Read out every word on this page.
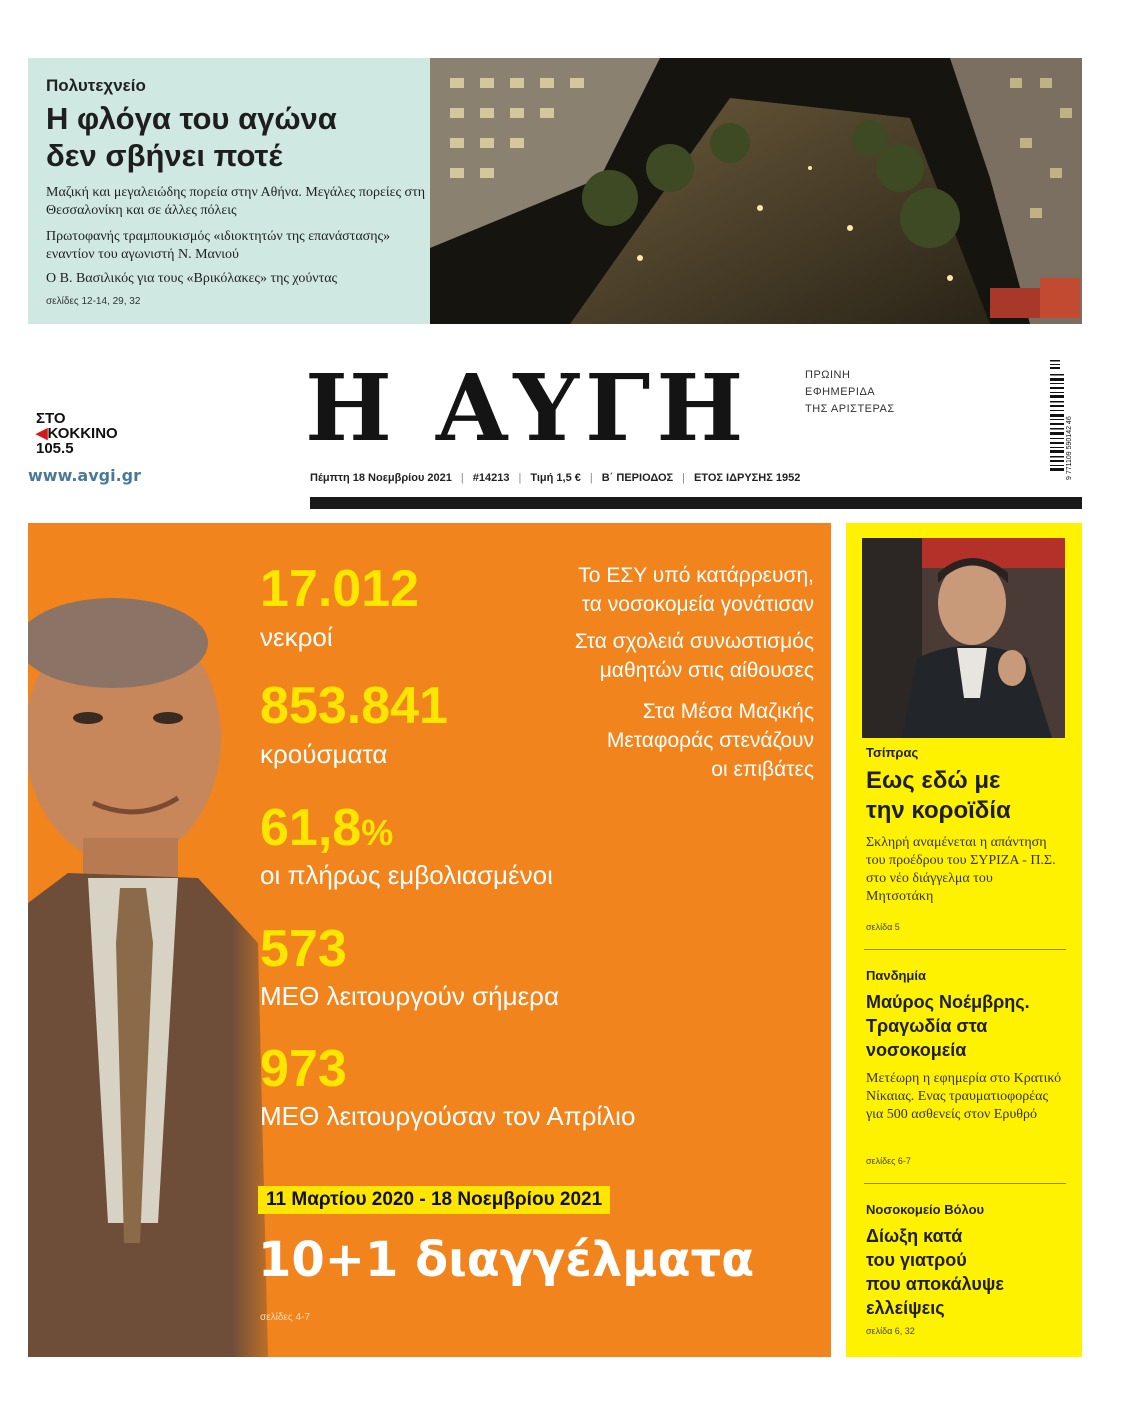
Πολυτεχνείο
Η φλόγα του αγώνα
δεν σβήνει ποτέ
Μαζική και μεγαλειώδης πορεία στην Αθήνα. Μεγάλες πορείες στη Θεσσαλονίκη και σε άλλες πόλεις
Πρωτοφανής τραμπουκισμός «ιδιοκτητών της επανάστασης» εναντίον του αγωνιστή Ν. Μανιού
Ο Β. Βασιλικός για τους «Βρικόλακες» της χούντας
σελίδες 12-14, 29, 32
Η ΑΥΓΗ	ΠΡΩΙΝΗ
ΕΦΗΜΕΡΙΔΑ
ΤΗΣ ΑΡΙΣΤΕΡΑΣ
ΣΤΟ
◀ΚΟΚΚΙΝΟ
105.5
www.avgi.gr	Πέμπτη 18 Νοεμβρίου 2021 | #14213 | Τιμή 1,5 € | Β΄ ΠΕΡΙΟΔΟΣ | ΕΤΟΣ ΙΔΡΥΣΗΣ 1952	9 771109 590142 46
17.012
νεκροί
853.841
κρούσματα
61,8%
οι πλήρως εμβολιασμένοι
573
ΜΕΘ λειτουργούν σήμερα
973
ΜΕΘ λειτουργούσαν τον Απρίλιο
Το ΕΣΥ υπό κατάρρευση,
τα νοσοκομεία γονάτισαν
Στα σχολειά συνωστισμός
μαθητών στις αίθουσες
Στα Μέσα Μαζικής
Μεταφοράς στενάζουν
οι επιβάτες
11 Μαρτίου 2020 - 18 Νοεμβρίου 2021
10+1 διαγγέλματα
σελίδες 4-7
Τσίπρας
Εως εδώ με
την κοροϊδία
Σκληρή αναμένεται η απάντηση του προέδρου του ΣΥΡΙΖΑ - Π.Σ. στο νέο διάγγελμα του Μητσοτάκη
σελίδα 5
Πανδημία
Μαύρος Νοέμβρης.
Τραγωδία στα
νοσοκομεία
Μετέωρη η εφημερία στο Κρατικό Νίκαιας. Ενας τραυματιοφορέας για 500 ασθενείς στον Ερυθρό
σελίδες 6-7
Νοσοκομείο Βόλου
Δίωξη κατά
του γιατρού
που αποκάλυψε
ελλείψεις
σελίδα 6, 32
